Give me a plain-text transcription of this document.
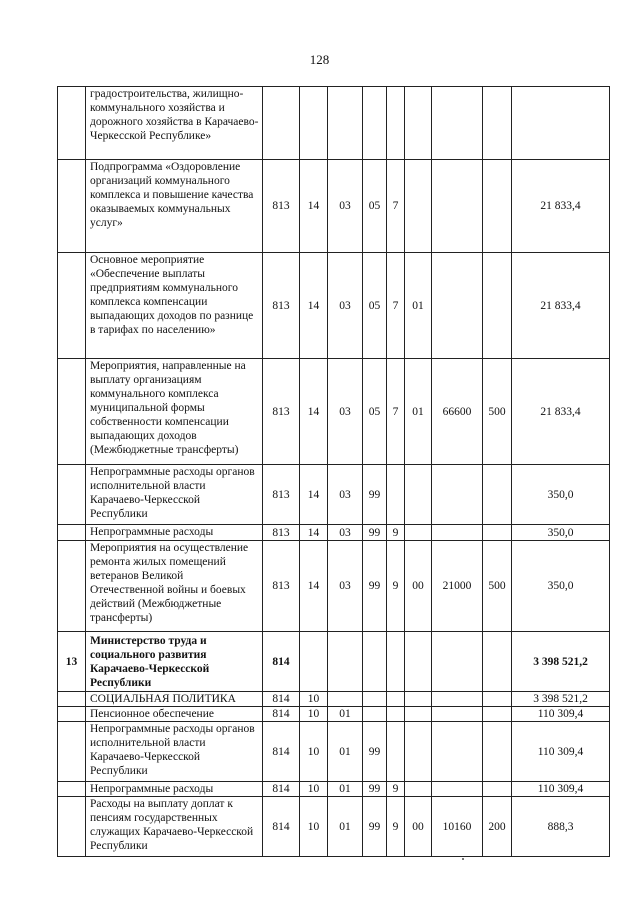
128
	градостроительства, жилищно-коммунального хозяйства и дорожного хозяйства в Карачаево-Черкесской Республике»									
	Подпрограмма «Оздоровление организаций коммунального комплекса и повышение качества оказываемых коммунальных услуг»	813	14	03	05	7				21 833,4
	Основное мероприятие «Обеспечение выплаты предприятиям коммунального комплекса компенсации выпадающих доходов по разнице в тарифах по населению»	813	14	03	05	7	01			21 833,4
	Мероприятия, направленные на выплату организациям коммунального комплекса муниципальной формы собственности компенсации выпадающих доходов (Межбюджетные трансферты)	813	14	03	05	7	01	66600	500	21 833,4
	Непрограммные расходы органов исполнительной власти Карачаево-Черкесской Республики	813	14	03	99					350,0
	Непрограммные расходы	813	14	03	99	9				350,0
	Мероприятия на осуществление ремонта жилых помещений ветеранов Великой Отечественной войны и боевых действий (Межбюджетные трансферты)	813	14	03	99	9	00	21000	500	350,0
13	Министерство труда и социального развития Карачаево-Черкесской Республики	814								3 398 521,2
	СОЦИАЛЬНАЯ ПОЛИТИКА	814	10							3 398 521,2
	Пенсионное обеспечение	814	10	01						110 309,4
	Непрограммные расходы органов исполнительной власти Карачаево-Черкесской Республики	814	10	01	99					110 309,4
	Непрограммные расходы	814	10	01	99	9				110 309,4
	Расходы на выплату доплат к пенсиям государственных служащих Карачаево-Черкесской Республики	814	10	01	99	9	00	10160	200	888,3
